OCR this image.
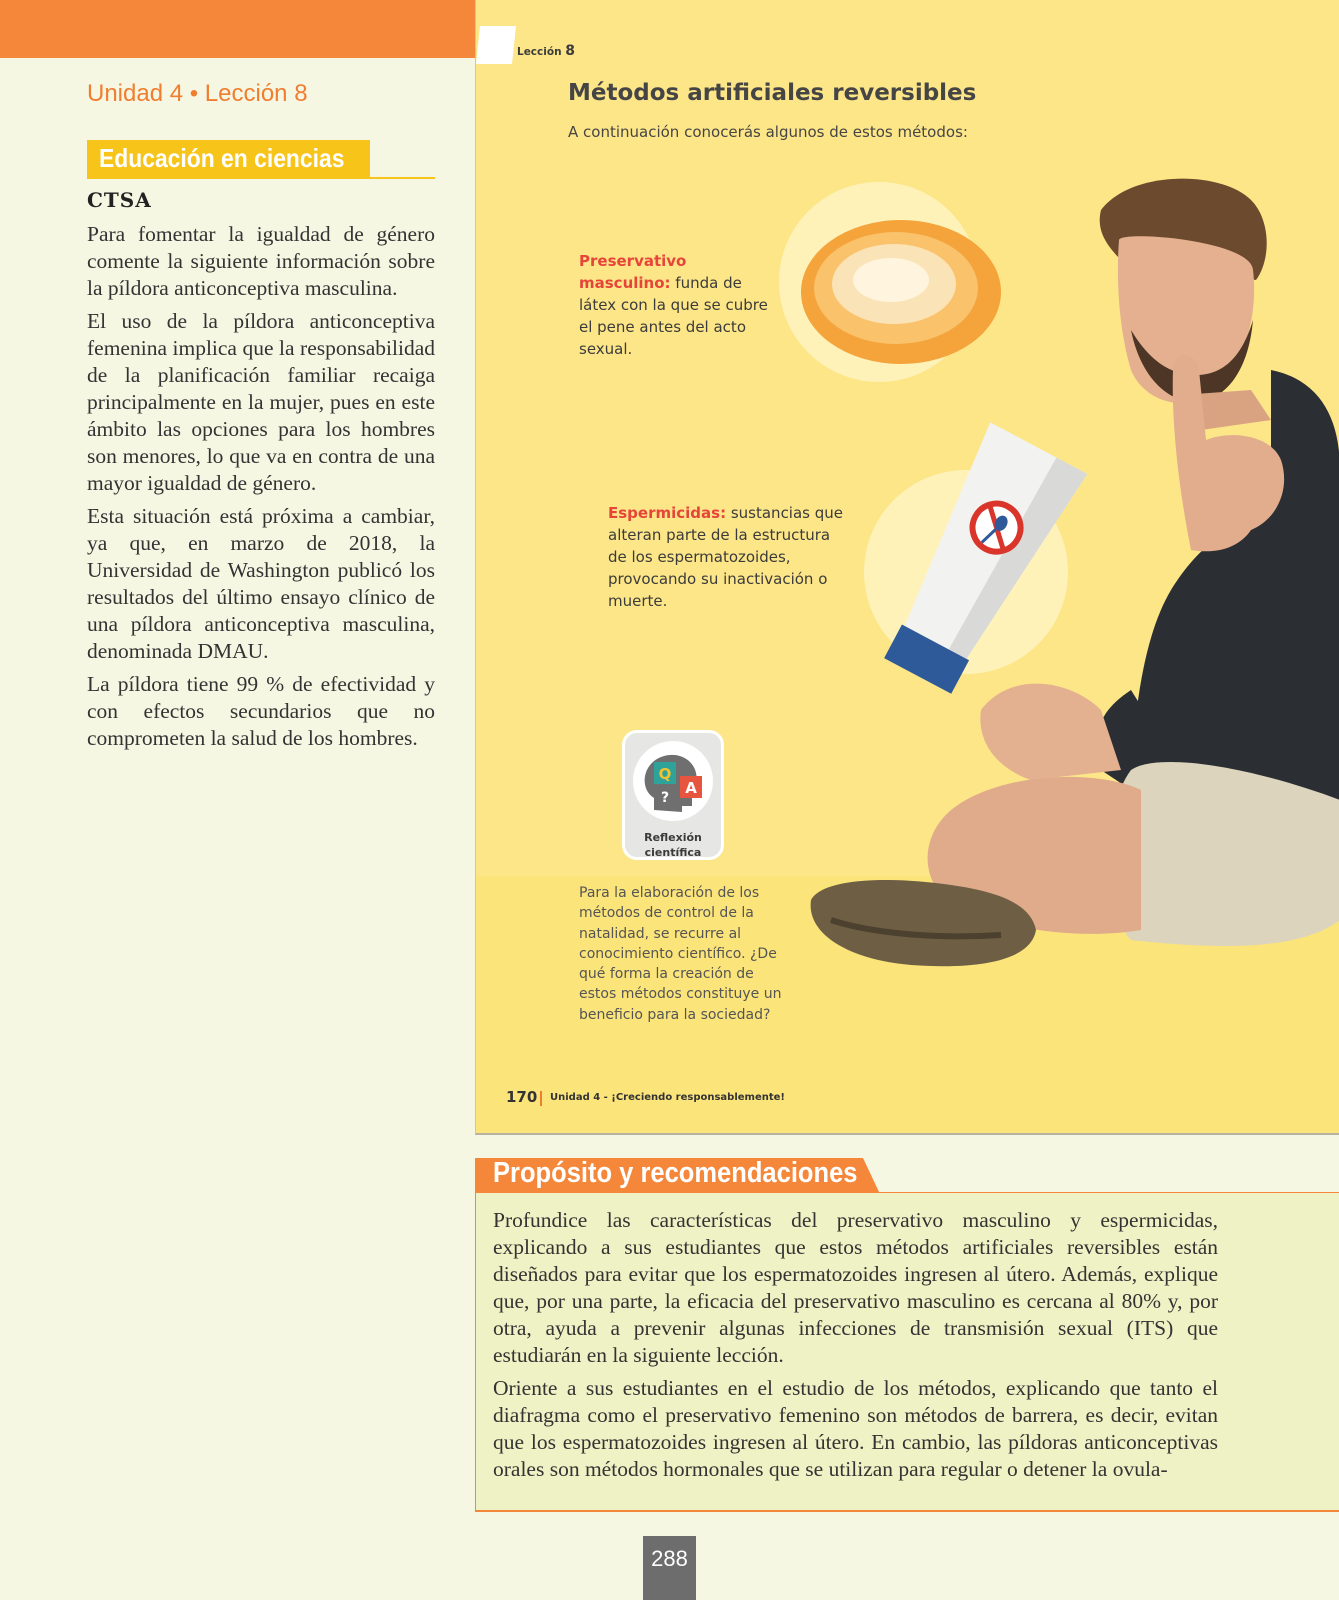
Unidad 4 • Lección 8
Educación en ciencias
CTSA

Para fomentar la igualdad de género comente la siguiente información sobre la píldora anticonceptiva masculina.

El uso de la píldora anticonceptiva femenina implica que la responsabilidad de la planificación familiar recaiga principalmente en la mujer, pues en este ámbito las opciones para los hombres son menores, lo que va en contra de una mayor igualdad de género.

Esta situación está próxima a cambiar, ya que, en marzo de 2018, la Universidad de Washington publicó los resultados del último ensayo clínico de una píldora anticonceptiva masculina, denominada DMAU.

La píldora tiene 99 % de efectividad y con efectos secundarios que no comprometen la salud de los hombres.

Lección 8
Métodos artificiales reversibles
A continuación conocerás algunos de estos métodos:

Preservativo masculino: funda de látex con la que se cubre el pene antes del acto sexual.

Espermicidas: sustancias que alteran parte de la estructura de los espermatozoides, provocando su inactivación o muerte.

Q
A
?
Reflexión científica

Para la elaboración de los métodos de control de la natalidad, se recurre al conocimiento científico. ¿De qué forma la creación de estos métodos constituye un beneficio para la sociedad?

170 Unidad 4 - ¡Creciendo responsablemente!
Propósito y recomendaciones

Profundice las características del preservativo masculino y espermicidas, explicando a sus estudiantes que estos métodos artificiales reversibles están diseñados para evitar que los espermatozoides ingresen al útero. Además, explique que, por una parte, la eficacia del preservativo masculino es cercana al 80% y, por otra, ayuda a prevenir algunas infecciones de transmisión sexual (ITS) que estudiarán en la siguiente lección.

Oriente a sus estudiantes en el estudio de los métodos, explicando que tanto el diafragma como el preservativo femenino son métodos de barrera, es decir, evitan que los espermatozoides ingresen al útero. En cambio, las píldoras anticonceptivas orales son métodos hormonales que se utilizan para regular o detener la ovula-

288
